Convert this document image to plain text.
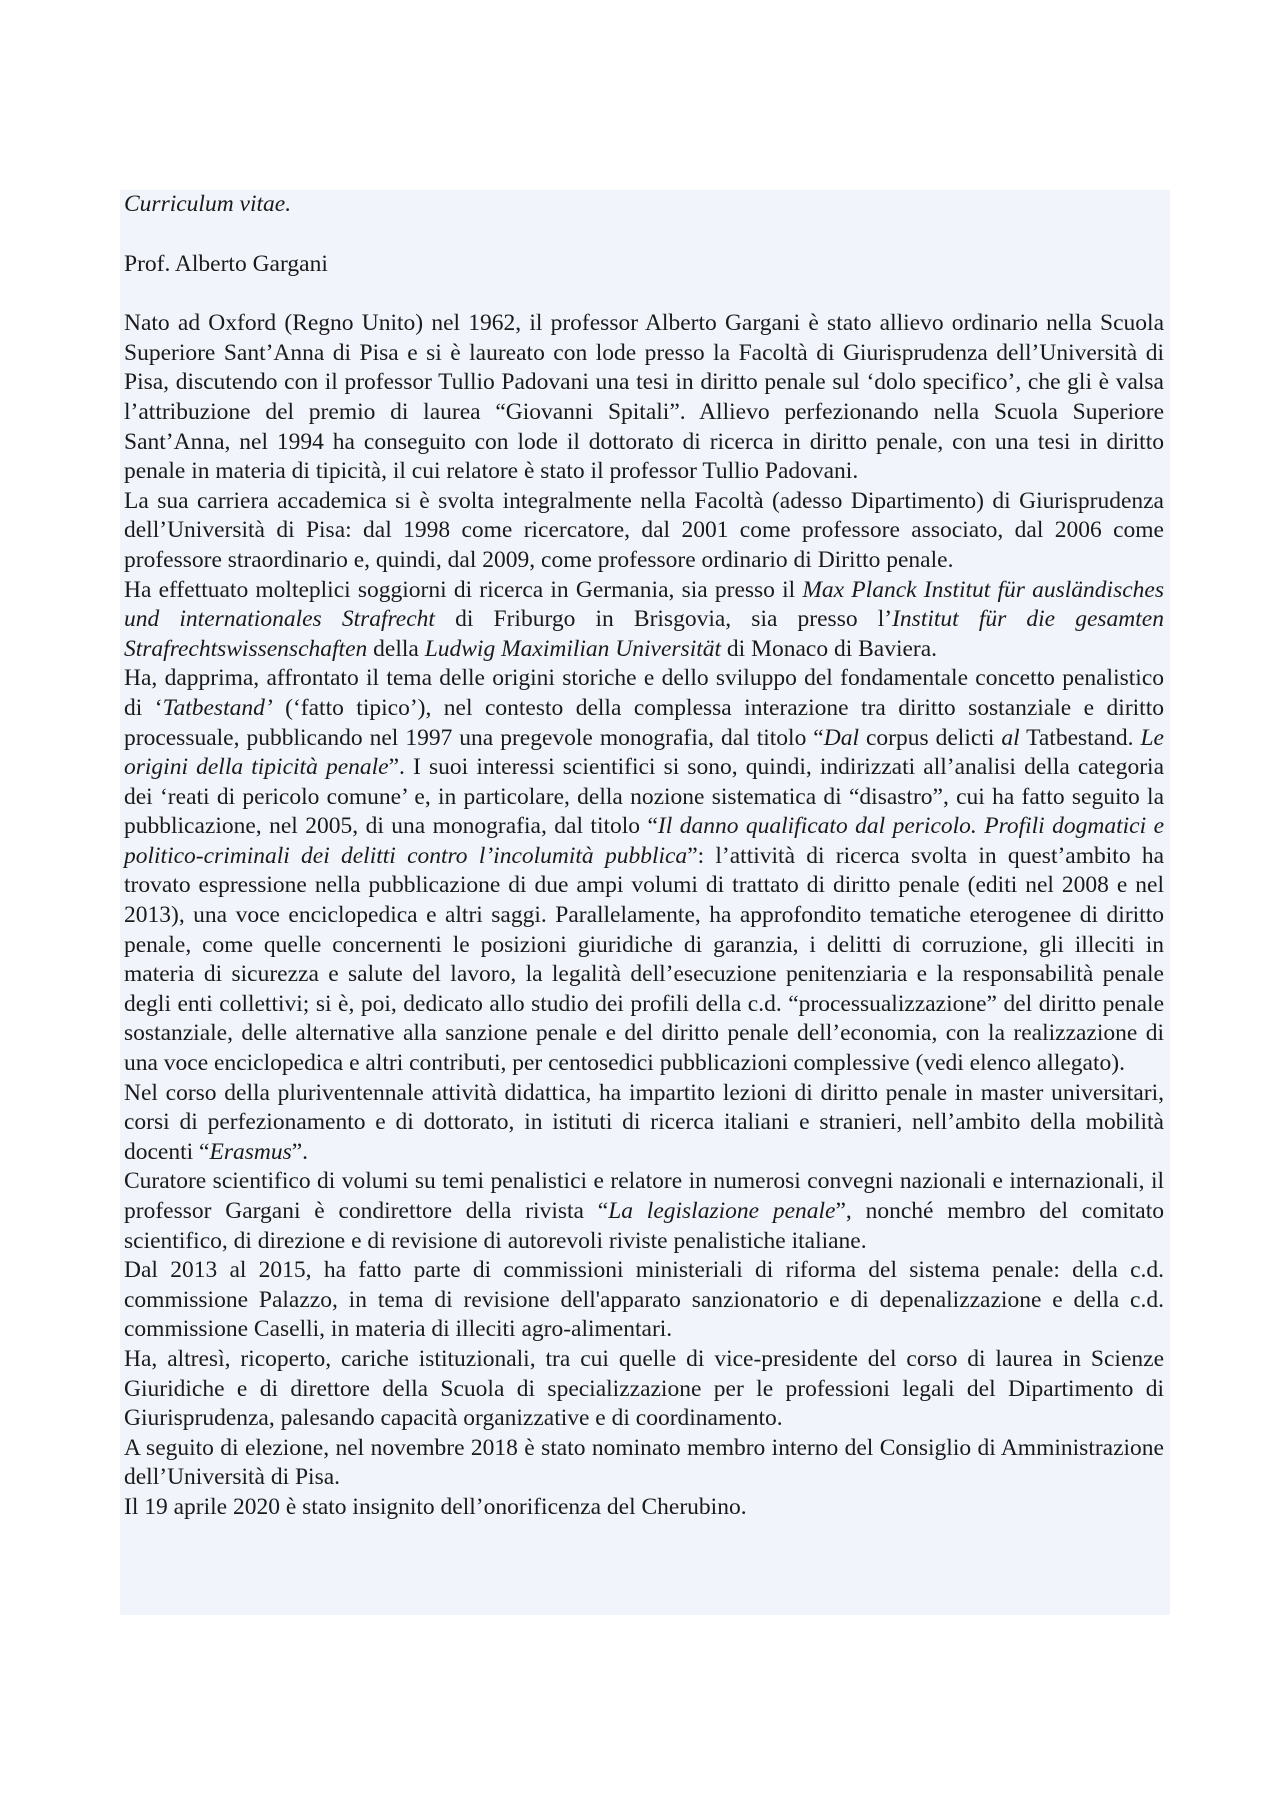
Curriculum vitae.

Prof. Alberto Gargani

Nato ad Oxford (Regno Unito) nel 1962, il professor Alberto Gargani è stato allievo ordinario nella Scuola Superiore Sant’Anna di Pisa e si è laureato con lode presso la Facoltà di Giurisprudenza dell’Università di Pisa, discutendo con il professor Tullio Padovani una tesi in diritto penale sul ‘dolo specifico’, che gli è valsa l’attribuzione del premio di laurea “Giovanni Spitali”. Allievo perfezionando nella Scuola Superiore Sant’Anna, nel 1994 ha conseguito con lode il dottorato di ricerca in diritto penale, con una tesi in diritto penale in materia di tipicità, il cui relatore è stato il professor Tullio Padovani.

La sua carriera accademica si è svolta integralmente nella Facoltà (adesso Dipartimento) di Giurisprudenza dell’Università di Pisa: dal 1998 come ricercatore, dal 2001 come professore associato, dal 2006 come professore straordinario e, quindi, dal 2009, come professore ordinario di Diritto penale.

Ha effettuato molteplici soggiorni di ricerca in Germania, sia presso il Max Planck Institut für ausländisches und internationales Strafrecht di Friburgo in Brisgovia, sia presso l’Institut für die gesamten Strafrechtswissenschaften della Ludwig Maximilian Universität di Monaco di Baviera.

Ha, dapprima, affrontato il tema delle origini storiche e dello sviluppo del fondamentale concetto penalistico di ‘Tatbestand’ (‘fatto tipico’), nel contesto della complessa interazione tra diritto sostanziale e diritto processuale, pubblicando nel 1997 una pregevole monografia, dal titolo “Dal corpus delicti al Tatbestand. Le origini della tipicità penale”. I suoi interessi scientifici si sono, quindi, indirizzati all’analisi della categoria dei ‘reati di pericolo comune’ e, in particolare, della nozione sistematica di “disastro”, cui ha fatto seguito la pubblicazione, nel 2005, di una monografia, dal titolo “Il danno qualificato dal pericolo. Profili dogmatici e politico-criminali dei delitti contro l’incolumità pubblica”: l’attività di ricerca svolta in quest’ambito ha trovato espressione nella pubblicazione di due ampi volumi di trattato di diritto penale (editi nel 2008 e nel 2013), una voce enciclopedica e altri saggi. Parallelamente, ha approfondito tematiche eterogenee di diritto penale, come quelle concernenti le posizioni giuridiche di garanzia, i delitti di corruzione, gli illeciti in materia di sicurezza e salute del lavoro, la legalità dell’esecuzione penitenziaria e la responsabilità penale degli enti collettivi; si è, poi, dedicato allo studio dei profili della c.d. “processualizzazione” del diritto penale sostanziale, delle alternative alla sanzione penale e del diritto penale dell’economia, con la realizzazione di una voce enciclopedica e altri contributi, per centosedici pubblicazioni complessive (vedi elenco allegato).

Nel corso della pluriventennale attività didattica, ha impartito lezioni di diritto penale in master universitari, corsi di perfezionamento e di dottorato, in istituti di ricerca italiani e stranieri, nell’ambito della mobilità docenti “Erasmus”.

Curatore scientifico di volumi su temi penalistici e relatore in numerosi convegni nazionali e internazionali, il professor Gargani è condirettore della rivista “La legislazione penale”, nonché membro del comitato scientifico, di direzione e di revisione di autorevoli riviste penalistiche italiane.

Dal 2013 al 2015, ha fatto parte di commissioni ministeriali di riforma del sistema penale: della c.d. commissione Palazzo, in tema di revisione dell'apparato sanzionatorio e di depenalizzazione e della c.d. commissione Caselli, in materia di illeciti agro-alimentari.

Ha, altresì, ricoperto, cariche istituzionali, tra cui quelle di vice-presidente del corso di laurea in Scienze Giuridiche e di direttore della Scuola di specializzazione per le professioni legali del Dipartimento di Giurisprudenza, palesando capacità organizzative e di coordinamento.

A seguito di elezione, nel novembre 2018 è stato nominato membro interno del Consiglio di Amministrazione dell’Università di Pisa.

Il 19 aprile 2020 è stato insignito dell’onorificenza del Cherubino.
